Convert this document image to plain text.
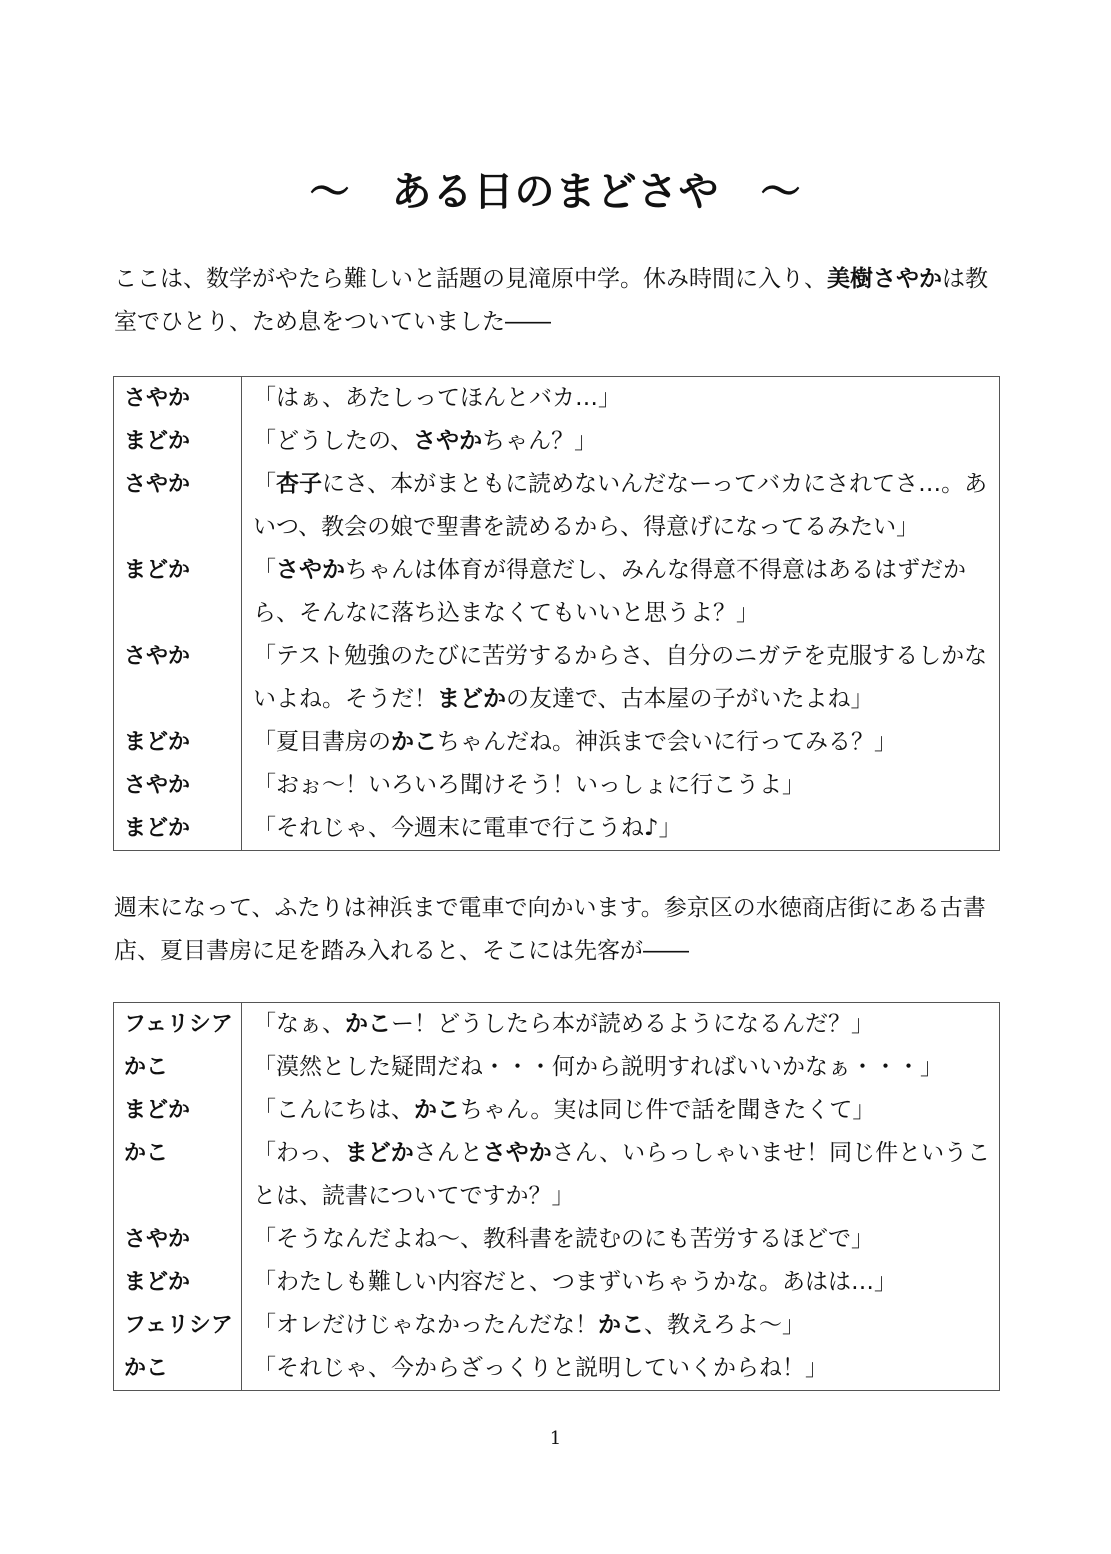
～　ある日のまどさや　～

ここは、数学がやたら難しいと話題の見滝原中学。休み時間に入り、美樹さやかは教室でひとり、ため息をついていました――

さやか	「はぁ、あたしってほんとバカ…」
まどか	「どうしたの、さやかちゃん？」
さやか	「杏子にさ、本がまともに読めないんだなーってバカにされてさ…。あいつ、教会の娘で聖書を読めるから、得意げになってるみたい」
まどか	「さやかちゃんは体育が得意だし、みんな得意不得意はあるはずだから、そんなに落ち込まなくてもいいと思うよ？」
さやか	「テスト勉強のたびに苦労するからさ、自分のニガテを克服するしかないよね。そうだ！まどかの友達で、古本屋の子がいたよね」
まどか	「夏目書房のかこちゃんだね。神浜まで会いに行ってみる？」
さやか	「おぉ～！いろいろ聞けそう！いっしょに行こうよ」
まどか	「それじゃ、今週末に電車で行こうね♪」

週末になって、ふたりは神浜まで電車で向かいます。参京区の水徳商店街にある古書店、夏目書房に足を踏み入れると、そこには先客が――

フェリシア	「なぁ、かこー！どうしたら本が読めるようになるんだ？」
かこ	「漠然とした疑問だね・・・何から説明すればいいかなぁ・・・」
まどか	「こんにちは、かこちゃん。実は同じ件で話を聞きたくて」
かこ	「わっ、まどかさんとさやかさん、いらっしゃいませ！同じ件ということは、読書についてですか？」
さやか	「そうなんだよね～、教科書を読むのにも苦労するほどで」
まどか	「わたしも難しい内容だと、つまずいちゃうかな。あはは…」
フェリシア	「オレだけじゃなかったんだな！かこ、教えろよ～」
かこ	「それじゃ、今からざっくりと説明していくからね！」
1
